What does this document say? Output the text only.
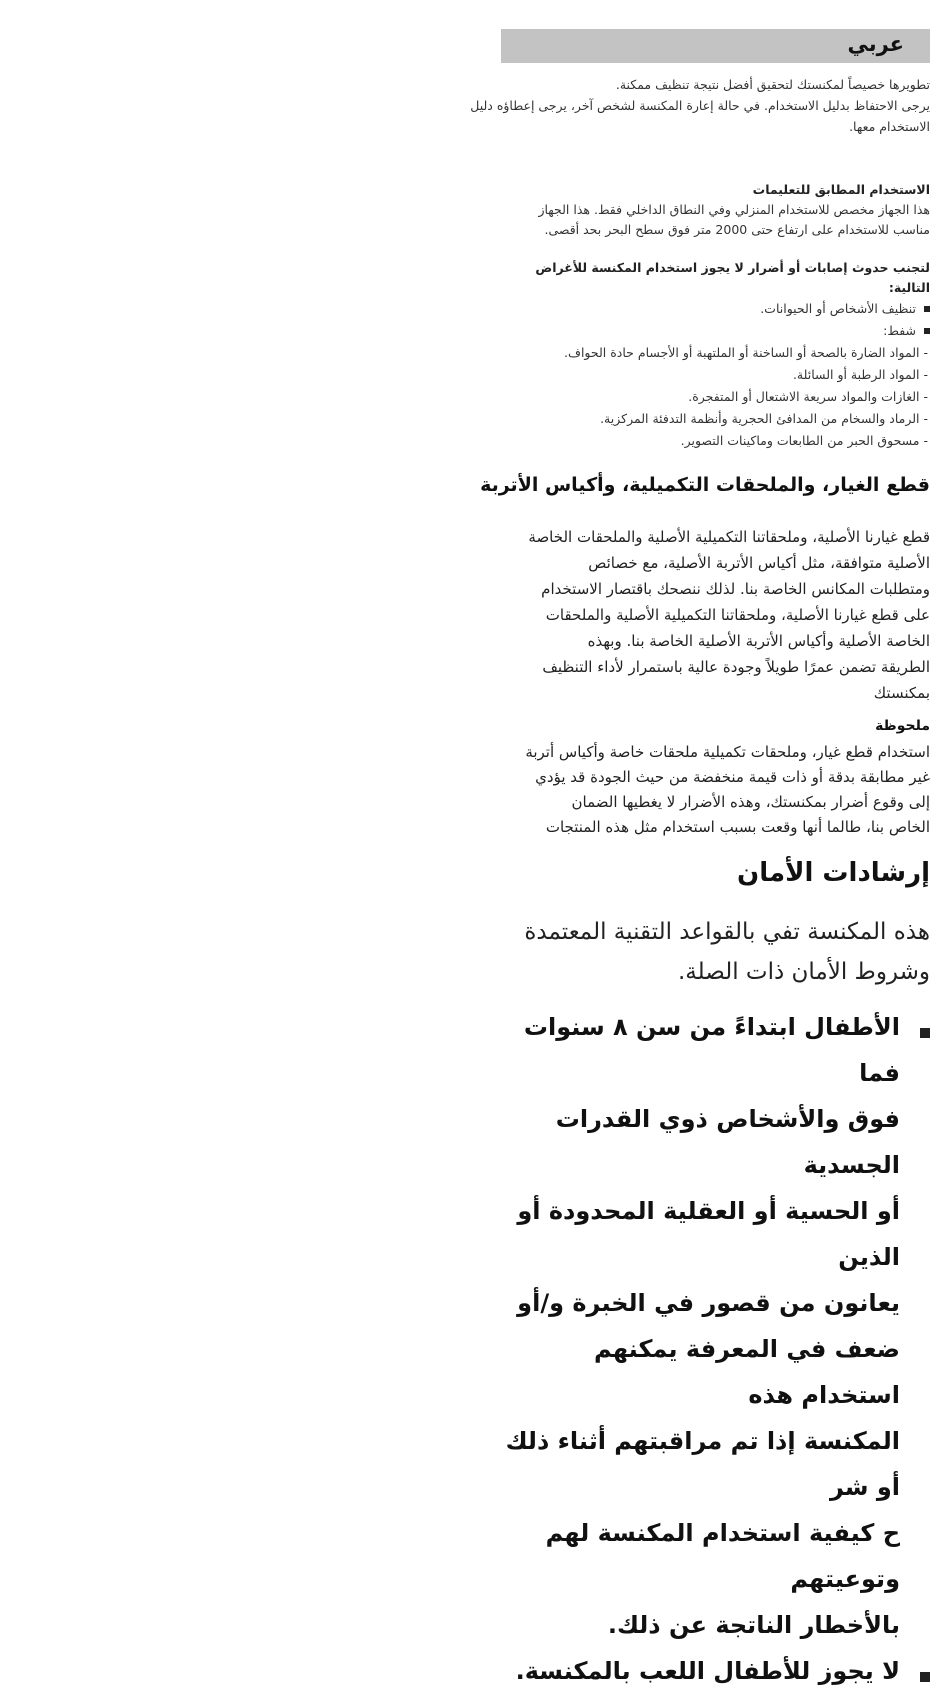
عربي
تطويرها خصيصاً لمكنستك لتحقيق أفضل نتيجة تنظيف ممكنة.
يرجى الاحتفاظ بدليل الاستخدام. في حالة إعارة المكنسة لشخص آخر، يرجى إعطاؤه دليل الاستخدام معها.
الاستخدام المطابق للتعليمات
هذا الجهاز مخصص للاستخدام المنزلي وفي النطاق الداخلي فقط. هذا الجهاز
مناسب للاستخدام على ارتفاع حتى 2000 متر فوق سطح البحر بحد أقصى.
لتجنب حدوث إصابات أو أضرار لا يجوز استخدام المكنسة للأغراض التالية:
تنظيف الأشخاص أو الحيوانات.
شفط:
- المواد الضارة بالصحة أو الساخنة أو الملتهبة أو الأجسام حادة الحواف.
- المواد الرطبة أو السائلة.
- الغازات والمواد سريعة الاشتعال أو المتفجرة.
- الرماد والسخام من المدافئ الحجرية وأنظمة التدفئة المركزية.
- مسحوق الحبر من الطابعات وماكينات التصوير.
قطع الغيار، والملحقات التكميلية، وأكياس الأتربة
قطع غيارنا الأصلية، وملحقاتنا التكميلية الأصلية والملحقات الخاصة
الأصلية متوافقة، مثل أكياس الأتربة الأصلية، مع خصائص
ومتطلبات المكانس الخاصة بنا. لذلك ننصحك باقتصار الاستخدام
على قطع غيارنا الأصلية، وملحقاتنا التكميلية الأصلية والملحقات
الخاصة الأصلية وأكياس الأتربة الأصلية الخاصة بنا. وبهذه
الطريقة تضمن عمرًا طويلاً وجودة عالية باستمرار لأداء التنظيف
بمكنستك
ملحوظة
استخدام قطع غيار، وملحقات تكميلية ملحقات خاصة وأكياس أتربة
غير مطابقة بدقة أو ذات قيمة منخفضة من حيث الجودة قد يؤدي
إلى وقوع أضرار بمكنستك، وهذه الأضرار لا يغطيها الضمان
الخاص بنا، طالما أنها وقعت بسبب استخدام مثل هذه المنتجات
إرشادات الأمان
هذه المكنسة تفي بالقواعد التقنية المعتمدة
وشروط الأمان ذات الصلة.
الأطفال ابتداءً من سن ٨ سنوات فما
فوق والأشخاص ذوي القدرات الجسدية
أو الحسية أو العقلية المحدودة أو الذين
يعانون من قصور في الخبرة و/أو
ضعف في المعرفة يمكنهم استخدام هذه
المكنسة إذا تم مراقبتهم أثناء ذلك أو شر
ح كيفية استخدام المكنسة لهم وتوعيتهم
بالأخطار الناتجة عن ذلك.
لا يجوز للأطفال اللعب بالمكنسة.
